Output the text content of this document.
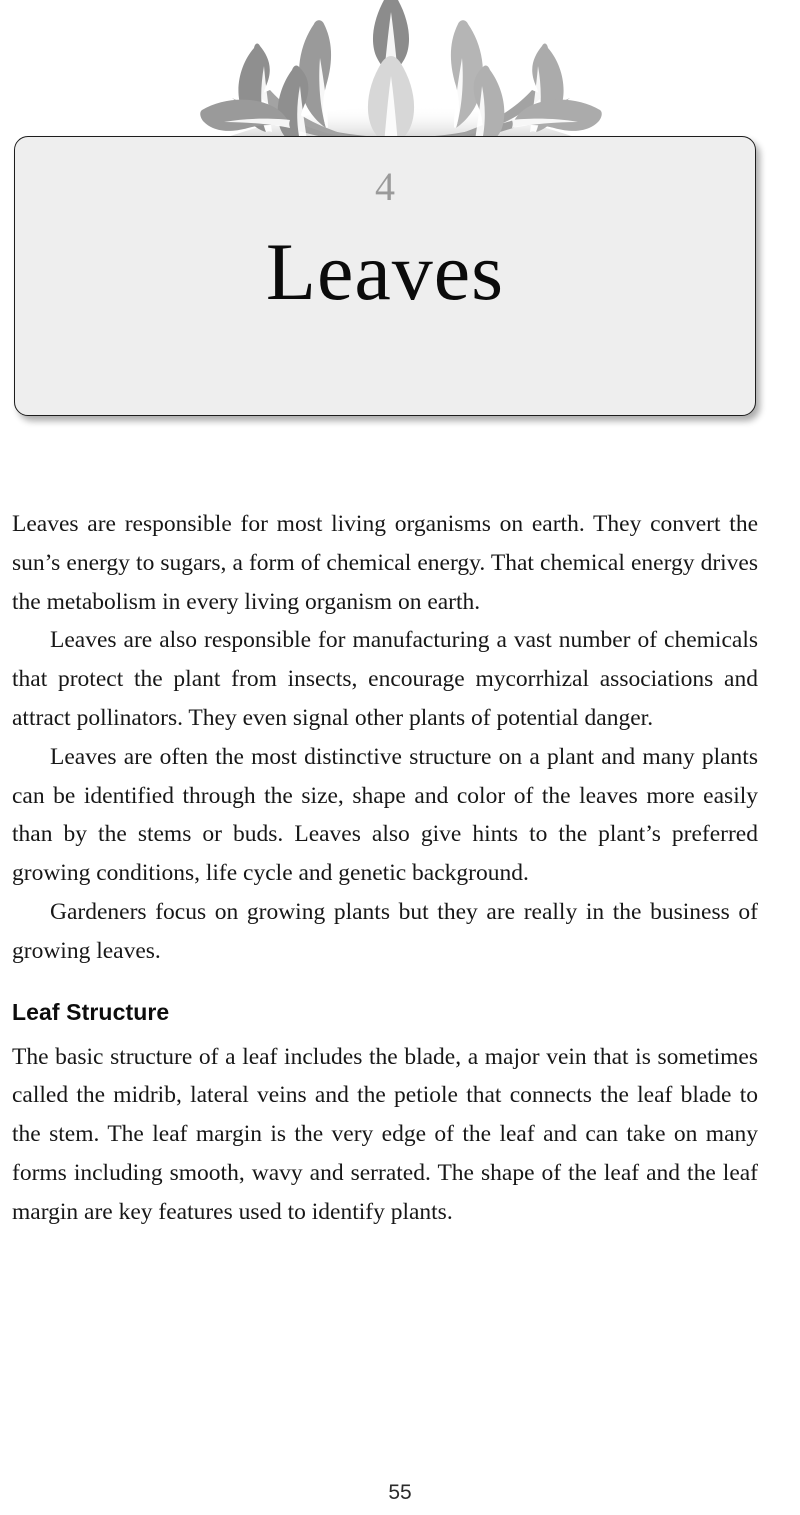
4
Leaves

Leaves are responsible for most living organisms on earth. They convert the sun’s energy to sugars, a form of chemical energy. That chemical energy drives the metabolism in every living organism on earth.

Leaves are also responsible for manufacturing a vast number of chemicals that protect the plant from insects, encourage mycorrhizal associations and attract pollinators. They even signal other plants of potential danger.

Leaves are often the most distinctive structure on a plant and many plants can be identified through the size, shape and color of the leaves more easily than by the stems or buds. Leaves also give hints to the plant’s preferred growing conditions, life cycle and genetic background.

Gardeners focus on growing plants but they are really in the business of growing leaves.

Leaf Structure

The basic structure of a leaf includes the blade, a major vein that is sometimes called the midrib, lateral veins and the petiole that connects the leaf blade to the stem. The leaf margin is the very edge of the leaf and can take on many forms including smooth, wavy and serrated. The shape of the leaf and the leaf margin are key features used to identify plants.

55
